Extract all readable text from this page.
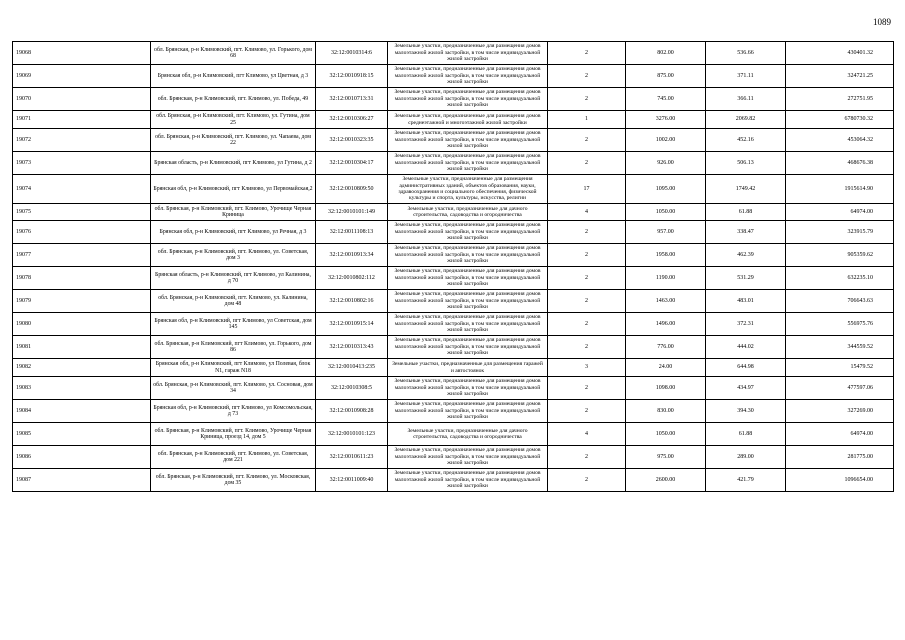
1089
19068	обл. Брянская, р-н Климовский, пгт. Климово, ул. Горького, дом 68	32:12:0010314:6	Земельные участки, предназначенные для размещения домов малоэтажной жилой застройки, в том числе индивидуальной жилой застройки	2	802.00	536.66	430401.32
19069	Брянская обл, р-н Климовский, пгт Климово, ул Цветная, д 3	32:12:0010918:15	Земельные участки, предназначенные для размещения домов малоэтажной жилой застройки, в том числе индивидуальной жилой застройки	2	875.00	371.11	324721.25
19070	обл. Брянская, р-н Климовский, пгт. Климово, ул. Победа, 49	32:12:0010713:31	Земельные участки, предназначенные для размещения домов малоэтажной жилой застройки, в том числе индивидуальной жилой застройки	2	745.00	366.11	272751.95
19071	обл. Брянская, р-н Климовский, пгт. Климово, ул. Гутина, дом 25	32:12:0010306:27	Земельные участки, предназначенные для размещения домов среднеэтажной и многоэтажной жилой застройки	1	3276.00	2069.82	6780730.32
19072	обл. Брянская, р-н Климовский, пгт. Климово, ул. Чапаева, дом 22	32:12:0010323:35	Земельные участки, предназначенные для размещения домов малоэтажной жилой застройки, в том числе индивидуальной жилой застройки	2	1002.00	452.16	453064.32
19073	Брянская область, р-н Климовский, пгт Климово, ул Гутина, д 2	32:12:0010304:17	Земельные участки, предназначенные для размещения домов малоэтажной жилой застройки, в том числе индивидуальной жилой застройки	2	926.00	506.13	468676.38
19074	Брянская обл, р-н Климовский, пгт Климово, ул Первомайская,2	32:12:0010809:50	Земельные участки, предназначенные для размещения административных зданий, объектов образования, науки, здравоохранения и социального обеспечения, физической культуры и спорта, культуры, искусства, религии	17	1095.00	1749.42	1915614.90
19075	обл. Брянская, р-н Климовский, пгт. Климово, Урочище Черная Криница	32:12:0010101:149	Земельные участки, предназначенные для дачного строительства, садоводства и огородничества	4	1050.00	61.88	64974.00
19076	Брянская обл, р-н Климовский, пгт Климово, ул Речная, д 3	32:12:0011108:13	Земельные участки, предназначенные для размещения домов малоэтажной жилой застройки, в том числе индивидуальной жилой застройки	2	957.00	338.47	323915.79
19077	обл. Брянская, р-н Климовский, пгт. Климово, ул. Советская, дом 3	32:12:0010913:34	Земельные участки, предназначенные для размещения домов малоэтажной жилой застройки, в том числе индивидуальной жилой застройки	2	1958.00	462.39	905359.62
19078	Брянская область, р-н Климовский, пгт Климово, ул Калинина, д 70	32:12:0010802:112	Земельные участки, предназначенные для размещения домов малоэтажной жилой застройки, в том числе индивидуальной жилой застройки	2	1190.00	531.29	632235.10
19079	обл. Брянская, р-н Климовский, пгт. Климово, ул. Калинина, дом 48	32:12:0010802:16	Земельные участки, предназначенные для размещения домов малоэтажной жилой застройки, в том числе индивидуальной жилой застройки	2	1463.00	483.01	706643.63
19080	Брянская обл, р-н Климовский, пгт Климово, ул Советская, дом 145	32:12:0010915:14	Земельные участки, предназначенные для размещения домов малоэтажной жилой застройки, в том числе индивидуальной жилой застройки	2	1496.00	372.31	556975.76
19081	обл. Брянская, р-н Климовский, пгт Климово, ул. Горького, дом 86	32:12:0010313:43	Земельные участки, предназначенные для размещения домов малоэтажной жилой застройки, в том числе индивидуальной жилой застройки	2	776.00	444.02	344559.52
19082	Брянская обл, р-н Климовский, пгт Климово, ул Полевая, блок N1, гараж N18	32:12:0010413:235	Земельные участки, предназначенные для размещения гаражей и автостоянок	3	24.00	644.98	15479.52
19083	обл. Брянская, р-н Климовский, пгт. Климово, ул. Сосновая, дом 34	32:12:0010308:5	Земельные участки, предназначенные для размещения домов малоэтажной жилой застройки, в том числе индивидуальной жилой застройки	2	1098.00	434.97	477597.06
19084	Брянская обл, р-н Климовский, пгт Климово, ул Комсомольская, д 73	32:12:0010908:28	Земельные участки, предназначенные для размещения домов малоэтажной жилой застройки, в том числе индивидуальной жилой застройки	2	830.00	394.30	327269.00
19085	обл. Брянская, р-н Климовский, пгт. Климово, Урочище Черная Криница, проезд 14, дом 5	32:12:0010101:123	Земельные участки, предназначенные для дачного строительства, садоводства и огородничества	4	1050.00	61.88	64974.00
19086	обл. Брянская, р-н Климовский, пгт. Климово, ул. Советская, дом 221	32:12:0010611:23	Земельные участки, предназначенные для размещения домов малоэтажной жилой застройки, в том числе индивидуальной жилой застройки	2	975.00	289.00	281775.00
19087	обл. Брянская, р-н Климовский, пгт. Климово, ул. Московская, дом 35	32:12:0011009:40	Земельные участки, предназначенные для размещения домов малоэтажной жилой застройки, в том числе индивидуальной жилой застройки	2	2600.00	421.79	1096654.00
